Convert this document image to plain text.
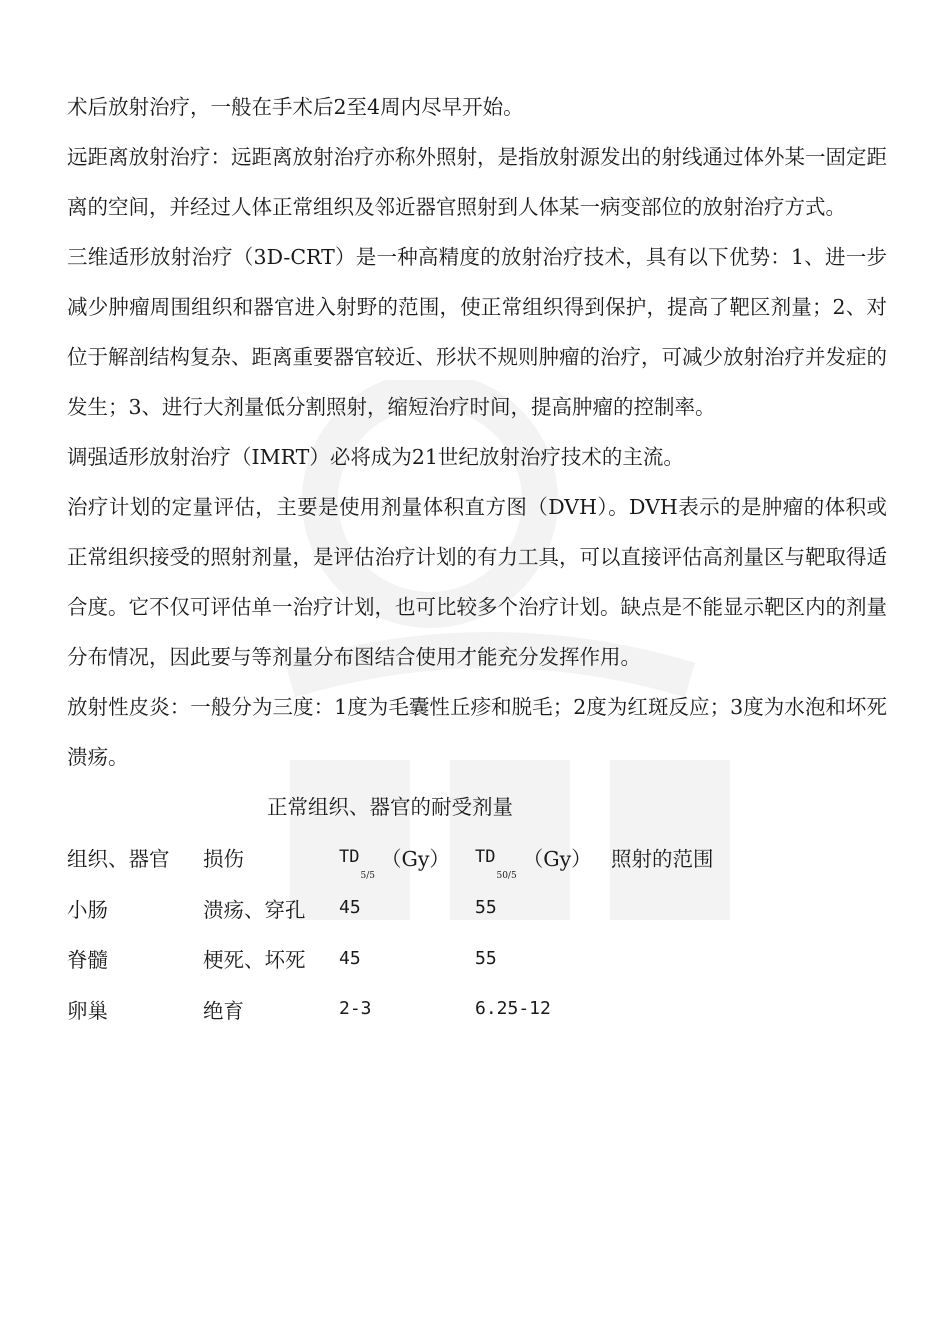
术后放射治疗，一般在手术后2至4周内尽早开始。

远距离放射治疗：远距离放射治疗亦称外照射，是指放射源发出的射线通过体外某一固定距离的空间，并经过人体正常组织及邻近器官照射到人体某一病变部位的放射治疗方式。

三维适形放射治疗（3D-CRT）是一种高精度的放射治疗技术，具有以下优势：1、进一步减少肿瘤周围组织和器官进入射野的范围，使正常组织得到保护，提高了靶区剂量；2、对位于解剖结构复杂、距离重要器官较近、形状不规则肿瘤的治疗，可减少放射治疗并发症的发生；3、进行大剂量低分割照射，缩短治疗时间，提高肿瘤的控制率。

调强适形放射治疗（IMRT）必将成为21世纪放射治疗技术的主流。

治疗计划的定量评估，主要是使用剂量体积直方图（DVH）。DVH表示的是肿瘤的体积或正常组织接受的照射剂量，是评估治疗计划的有力工具，可以直接评估高剂量区与靶取得适合度。它不仅可评估单一治疗计划，也可比较多个治疗计划。缺点是不能显示靶区内的剂量分布情况，因此要与等剂量分布图结合使用才能充分发挥作用。

放射性皮炎：一般分为三度：1度为毛囊性丘疹和脱毛；2度为红斑反应；3度为水泡和坏死溃疡。

正常组织、器官的耐受剂量

组织、器官	损伤	$TD_{5/5}(Gy)$	$TD_{50/5}(Gy)$ 照射的范围
小肠	溃疡、穿孔	45	55
脊髓	梗死、坏死	45	55
卵巢	绝育	2-3	6.25-12
